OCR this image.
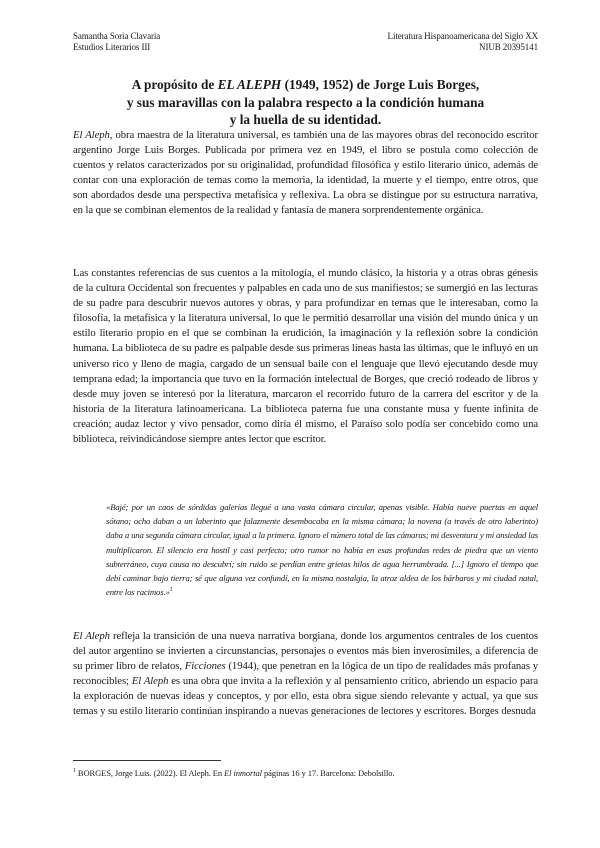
Samantha Soria Clavaria
Estudios Literarios III
Literatura Hispanoamericana del Siglo XX
NIUB 20395141
A propósito de EL ALEPH (1949, 1952) de Jorge Luis Borges,
y sus maravillas con la palabra respecto a la condición humana
y la huella de su identidad.
El Aleph, obra maestra de la literatura universal, es también una de las mayores obras del reconocido escritor argentino Jorge Luis Borges. Publicada por primera vez en 1949, el libro se postula como colección de cuentos y relatos caracterizados por su originalidad, profundidad filosófica y estilo literario único, además de contar con una exploración de temas como la memoria, la identidad, la muerte y el tiempo, entre otros, que son abordados desde una perspectiva metafísica y reflexiva. La obra se distingue por su estructura narrativa, en la que se combinan elementos de la realidad y fantasía de manera sorprendentemente orgánica.
Las constantes referencias de sus cuentos a la mitología, el mundo clásico, la historia y a otras obras génesis de la cultura Occidental son frecuentes y palpables en cada uno de sus manifiestos; se sumergió en las lecturas de su padre para descubrir nuevos autores y obras, y para profundizar en temas que le interesaban, como la filosofía, la metafísica y la literatura universal, lo que le permitió desarrollar una visión del mundo única y un estilo literario propio en el que se combinan la erudición, la imaginación y la reflexión sobre la condición humana. La biblioteca de su padre es palpable desde sus primeras líneas hasta las últimas, que le influyó en un universo rico y lleno de magia, cargado de un sensual baile con el lenguaje que llevó ejecutando desde muy temprana edad; la importancia que tuvo en la formación intelectual de Borges, que creció rodeado de libros y desde muy joven se interesó por la literatura, marcaron el recorrido futuro de la carrera del escritor y de la historia de la literatura latinoamericana. La biblioteca paterna fue una constante musa y fuente infinita de creación; audaz lector y vivo pensador, como diría él mismo, el Paraíso solo podía ser concebido como una biblioteca, reivindicándose siempre antes lector que escritor.
«Bajé; por un caos de sórdidas galerías llegué a una vasta cámara circular, apenas visible. Había nueve puertas en aquel sótano; ocho daban a un laberinto que falazmente desembocaba en la misma cámara; la novena (a través de otro laberinto) daba a una segunda cámara circular, igual a la primera. Ignoro el número total de las cámaras; mi desventura y mi ansiedad las multiplicaron. El silencio era hostil y casi perfecto; otro rumor no había en esas profundas redes de piedra que un viento subterráneo, cuya causa no descubrí; sin ruido se perdían entre grietas hilos de agua herrumbrada. [...] Ignoro el tiempo que debí caminar bajo tierra; sé que alguna vez confundí, en la misma nostalgia, la atroz aldea de los bárbaros y mi ciudad natal, entre los racimos.»$^1$
El Aleph refleja la transición de una nueva narrativa borgiana, donde los argumentos centrales de los cuentos del autor argentino se invierten a circunstancias, personajes o eventos más bien inverosímiles, a diferencia de su primer libro de relatos, Ficciones (1944), que penetran en la lógica de un tipo de realidades más profanas y reconocibles; El Aleph es una obra que invita a la reflexión y al pensamiento crítico, abriendo un espacio para la exploración de nuevas ideas y conceptos, y por ello, esta obra sigue siendo relevante y actual, ya que sus temas y su estilo literario continúan inspirando a nuevas generaciones de lectores y escritores. Borges desnuda
$^1$ BORGES, Jorge Luis. (2022). El Aleph. En El inmortal páginas 16 y 17. Barcelona: Debolsillo.
